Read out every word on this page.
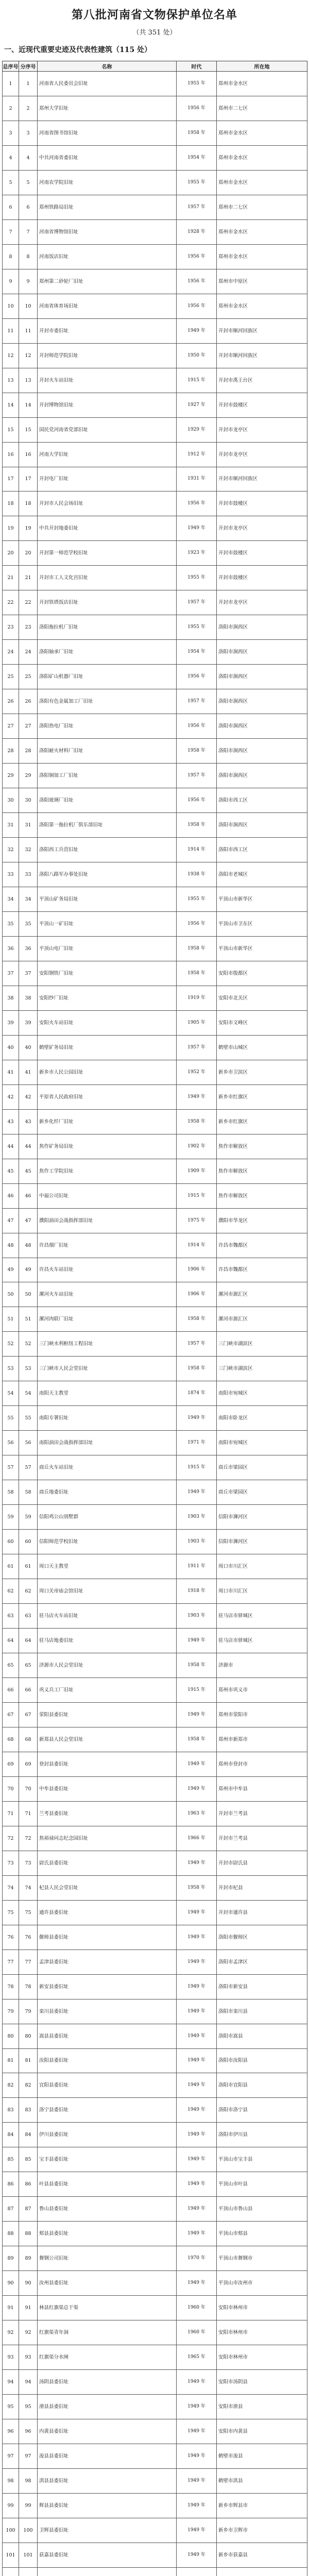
第八批河南省文物保护单位名单
（共 351 处）
一、近现代重要史迹及代表性建筑（115 处）
总序号	分序号	名称	时代	所在地
1	1	河南省人民委员会旧址	1955 年	郑州市金水区
2	2	郑州大学旧址	1956 年	郑州市二七区
3	3	河南省图书馆旧址	1958 年	郑州市金水区
4	4	中共河南省委旧址	1954 年	郑州市金水区
5	5	河南农学院旧址	1955 年	郑州市金水区
6	6	郑州铁路局旧址	1957 年	郑州市二七区
7	7	河南省博物馆旧址	1928 年	郑州市金水区
8	8	河南饭店旧址	1956 年	郑州市金水区
9	9	郑州第二砂轮厂旧址	1956 年	郑州市中原区
10	10	河南省体育场旧址	1956 年	郑州市金水区
11	11	开封市委旧址	1949 年	开封市顺河回族区
12	12	开封师范学院旧址	1950 年	开封市顺河回族区
13	13	开封火车站旧址	1915 年	开封市禹王台区
14	14	开封博物馆旧址	1927 年	开封市鼓楼区
15	15	国民党河南省党部旧址	1929 年	开封市龙亭区
16	16	河南大学旧址	1912 年	开封市龙亭区
17	17	开封电厂旧址	1931 年	开封市顺河回族区
18	18	开封市人民会场旧址	1956 年	开封市鼓楼区
19	19	中共开封地委旧址	1949 年	开封市龙亭区
20	20	开封第一师范学校旧址	1923 年	开封市鼓楼区
21	21	开封市工人文化宫旧址	1955 年	开封市鼓楼区
22	22	开封铁塔饭店旧址	1957 年	开封市龙亭区
23	23	洛阳拖拉机厂旧址	1955 年	洛阳市涧西区
24	24	洛阳轴承厂旧址	1954 年	洛阳市涧西区
25	25	洛阳矿山机器厂旧址	1956 年	洛阳市涧西区
26	26	洛阳有色金属加工厂旧址	1957 年	洛阳市涧西区
27	27	洛阳热电厂旧址	1956 年	洛阳市涧西区
28	28	洛阳耐火材料厂旧址	1958 年	洛阳市涧西区
29	29	洛阳铜加工厂旧址	1957 年	洛阳市涧西区
30	30	洛阳玻璃厂旧址	1956 年	洛阳市西工区
31	31	洛阳第一拖拉机厂俱乐部旧址	1958 年	洛阳市涧西区
32	32	洛阳西工兵营旧址	1914 年	洛阳市西工区
33	33	洛阳八路军办事处旧址	1938 年	洛阳市老城区
34	34	平顶山矿务局旧址	1955 年	平顶山市新华区
35	35	平顶山一矿旧址	1956 年	平顶山市卫东区
36	36	平顶山电厂旧址	1958 年	平顶山市新华区
37	37	安阳钢铁厂旧址	1958 年	安阳市殷都区
38	38	安阳纱厂旧址	1919 年	安阳市北关区
39	39	安阳火车站旧址	1905 年	安阳市文峰区
40	40	鹤壁矿务局旧址	1957 年	鹤壁市山城区
41	41	新乡市人民公园旧址	1952 年	新乡市卫滨区
42	42	平原省人民政府旧址	1949 年	新乡市红旗区
43	43	新乡化纤厂旧址	1958 年	新乡市红旗区
44	44	焦作矿务局旧址	1902 年	焦作市解放区
45	45	焦作工学院旧址	1909 年	焦作市解放区
46	46	中福公司旧址	1915 年	焦作市解放区
47	47	濮阳油田会战指挥部旧址	1975 年	濮阳市华龙区
48	48	许昌烟厂旧址	1914 年	许昌市魏都区
49	49	许昌火车站旧址	1906 年	许昌市魏都区
50	50	漯河火车站旧址	1906 年	漯河市源汇区
51	51	漯河肉联厂旧址	1958 年	漯河市源汇区
52	52	三门峡水利枢纽工程旧址	1957 年	三门峡市湖滨区
53	53	三门峡市人民会堂旧址	1958 年	三门峡市湖滨区
54	54	南阳天主教堂	1874 年	南阳市宛城区
55	55	南阳专署旧址	1949 年	南阳市卧龙区
56	56	南阳油田会战指挥部旧址	1971 年	南阳市宛城区
57	57	商丘火车站旧址	1915 年	商丘市梁园区
58	58	商丘地委旧址	1949 年	商丘市梁园区
59	59	信阳鸡公山别墅群	1903 年	信阳市浉河区
60	60	信阳师范学校旧址	1903 年	信阳市浉河区
61	61	周口天主教堂	1911 年	周口市川汇区
62	62	周口关帝庙会馆旧址	1918 年	周口市川汇区
63	63	驻马店火车站旧址	1903 年	驻马店市驿城区
64	64	驻马店地委旧址	1949 年	驻马店市驿城区
65	65	济源市人民会堂旧址	1958 年	济源市
66	66	巩义兵工厂旧址	1915 年	郑州市巩义市
67	67	荥阳县委旧址	1949 年	郑州市荥阳市
68	68	新郑县人民会堂旧址	1958 年	郑州市新郑市
69	69	登封县委旧址	1949 年	郑州市登封市
70	70	中牟县委旧址	1949 年	郑州市中牟县
71	71	兰考县委旧址	1963 年	开封市兰考县
72	72	焦裕禄同志纪念园旧址	1966 年	开封市兰考县
73	73	尉氏县委旧址	1949 年	开封市尉氏县
74	74	杞县人民会堂旧址	1958 年	开封市杞县
75	75	通许县委旧址	1949 年	开封市通许县
76	76	偃师县委旧址	1949 年	洛阳市偃师区
77	77	孟津县委旧址	1949 年	洛阳市孟津区
78	78	新安县委旧址	1949 年	洛阳市新安县
79	79	栾川县委旧址	1949 年	洛阳市栾川县
80	80	嵩县县委旧址	1949 年	洛阳市嵩县
81	81	汝阳县委旧址	1949 年	洛阳市汝阳县
82	82	宜阳县委旧址	1949 年	洛阳市宜阳县
83	83	洛宁县委旧址	1949 年	洛阳市洛宁县
84	84	伊川县委旧址	1949 年	洛阳市伊川县
85	85	宝丰县委旧址	1949 年	平顶山市宝丰县
86	86	叶县县委旧址	1949 年	平顶山市叶县
87	87	鲁山县委旧址	1949 年	平顶山市鲁山县
88	88	郏县县委旧址	1949 年	平顶山市郏县
89	89	舞钢公司旧址	1970 年	平顶山市舞钢市
90	90	汝州县委旧址	1949 年	平顶山市汝州市
91	91	林县红旗渠总干渠	1960 年	安阳市林州市
92	92	红旗渠青年洞	1960 年	安阳市林州市
93	93	红旗渠分水闸	1965 年	安阳市林州市
94	94	汤阴县委旧址	1949 年	安阳市汤阴县
95	95	滑县县委旧址	1949 年	安阳市滑县
96	96	内黄县委旧址	1949 年	安阳市内黄县
97	97	浚县县委旧址	1949 年	鹤壁市浚县
98	98	淇县县委旧址	1949 年	鹤壁市淇县
99	99	辉县县委旧址	1949 年	新乡市辉县市
100	100	卫辉县委旧址	1949 年	新乡市卫辉市
101	101	获嘉县委旧址	1949 年	新乡市获嘉县
